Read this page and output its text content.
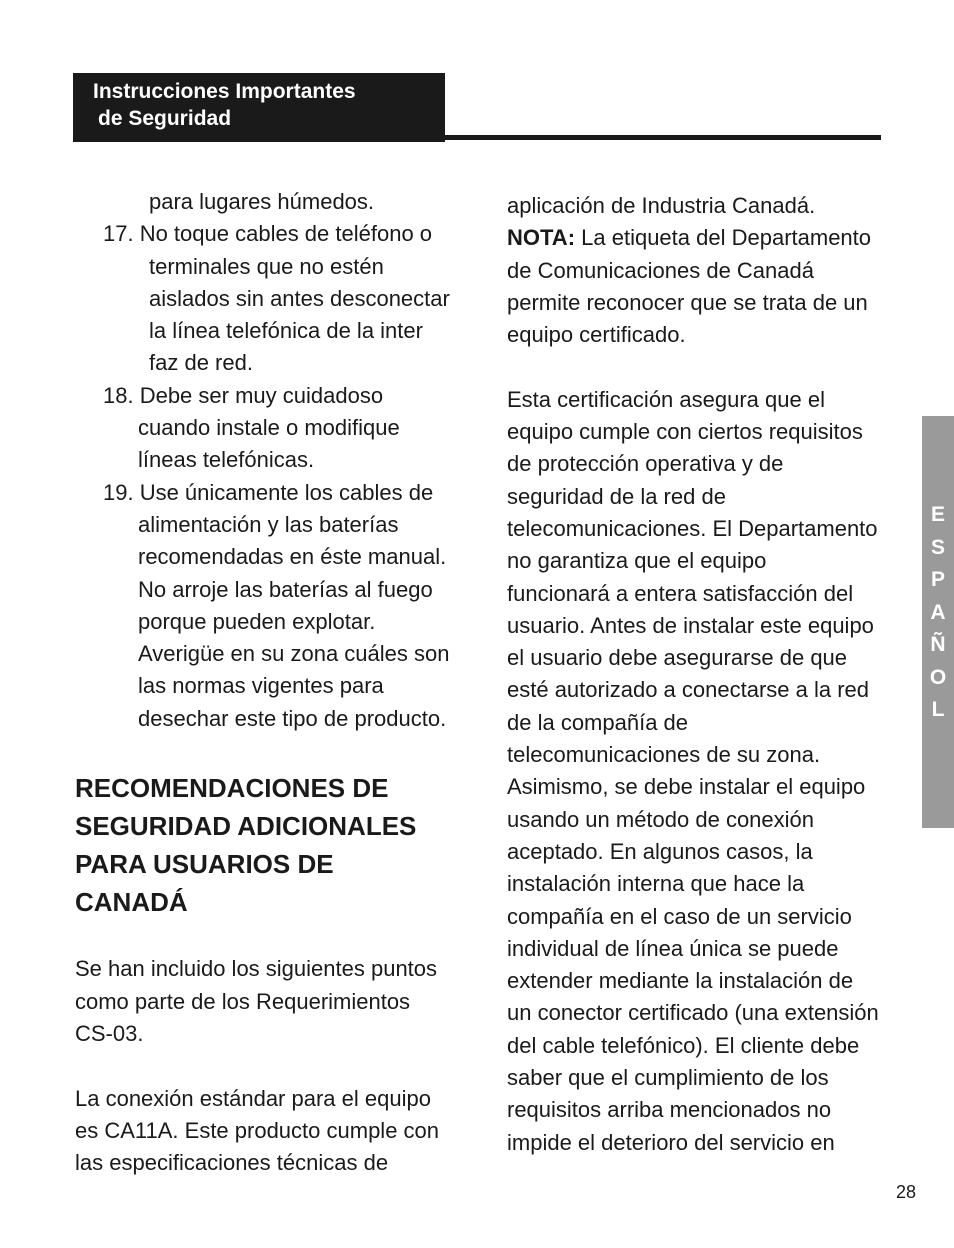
Instrucciones Importantes
de Seguridad
para lugares húmedos.
17. No toque cables de teléfono o
terminales que no estén
aislados sin antes desconectar
la línea telefónica de la inter
faz de red.
18. Debe ser muy cuidadoso
cuando instale o modifique
líneas telefónicas.
19. Use únicamente los cables de
alimentación y las baterías
recomendadas en éste manual.
No arroje las baterías al fuego
porque pueden explotar.
Averigüe en su zona cuáles son
las normas vigentes para
desechar este tipo de producto.
RECOMENDACIONES DE
SEGURIDAD ADICIONALES
PARA USUARIOS DE
CANADÁ
Se han incluido los siguientes puntos
como parte de los Requerimientos
CS-03.
La conexión estándar para el equipo
es CA11A. Este producto cumple con
las especificaciones técnicas de
aplicación de Industria Canadá.
NOTA: La etiqueta del Departamento
de Comunicaciones de Canadá
permite reconocer que se trata de un
equipo certificado.
Esta certificación asegura que el
equipo cumple con ciertos requisitos
de protección operativa y de
seguridad de la red de
telecomunicaciones. El Departamento
no garantiza que el equipo
funcionará a entera satisfacción del
usuario. Antes de instalar este equipo
el usuario debe asegurarse de que
esté autorizado a conectarse a la red
de la compañía de
telecomunicaciones de su zona.
Asimismo, se debe instalar el equipo
usando un método de conexión
aceptado. En algunos casos, la
instalación interna que hace la
compañía en el caso de un servicio
individual de línea única se puede
extender mediante la instalación de
un conector certificado (una extensión
del cable telefónico). El cliente debe
saber que el cumplimiento de los
requisitos arriba mencionados no
impide el deterioro del servicio en
E
S
P
A
Ñ
O
L
28
